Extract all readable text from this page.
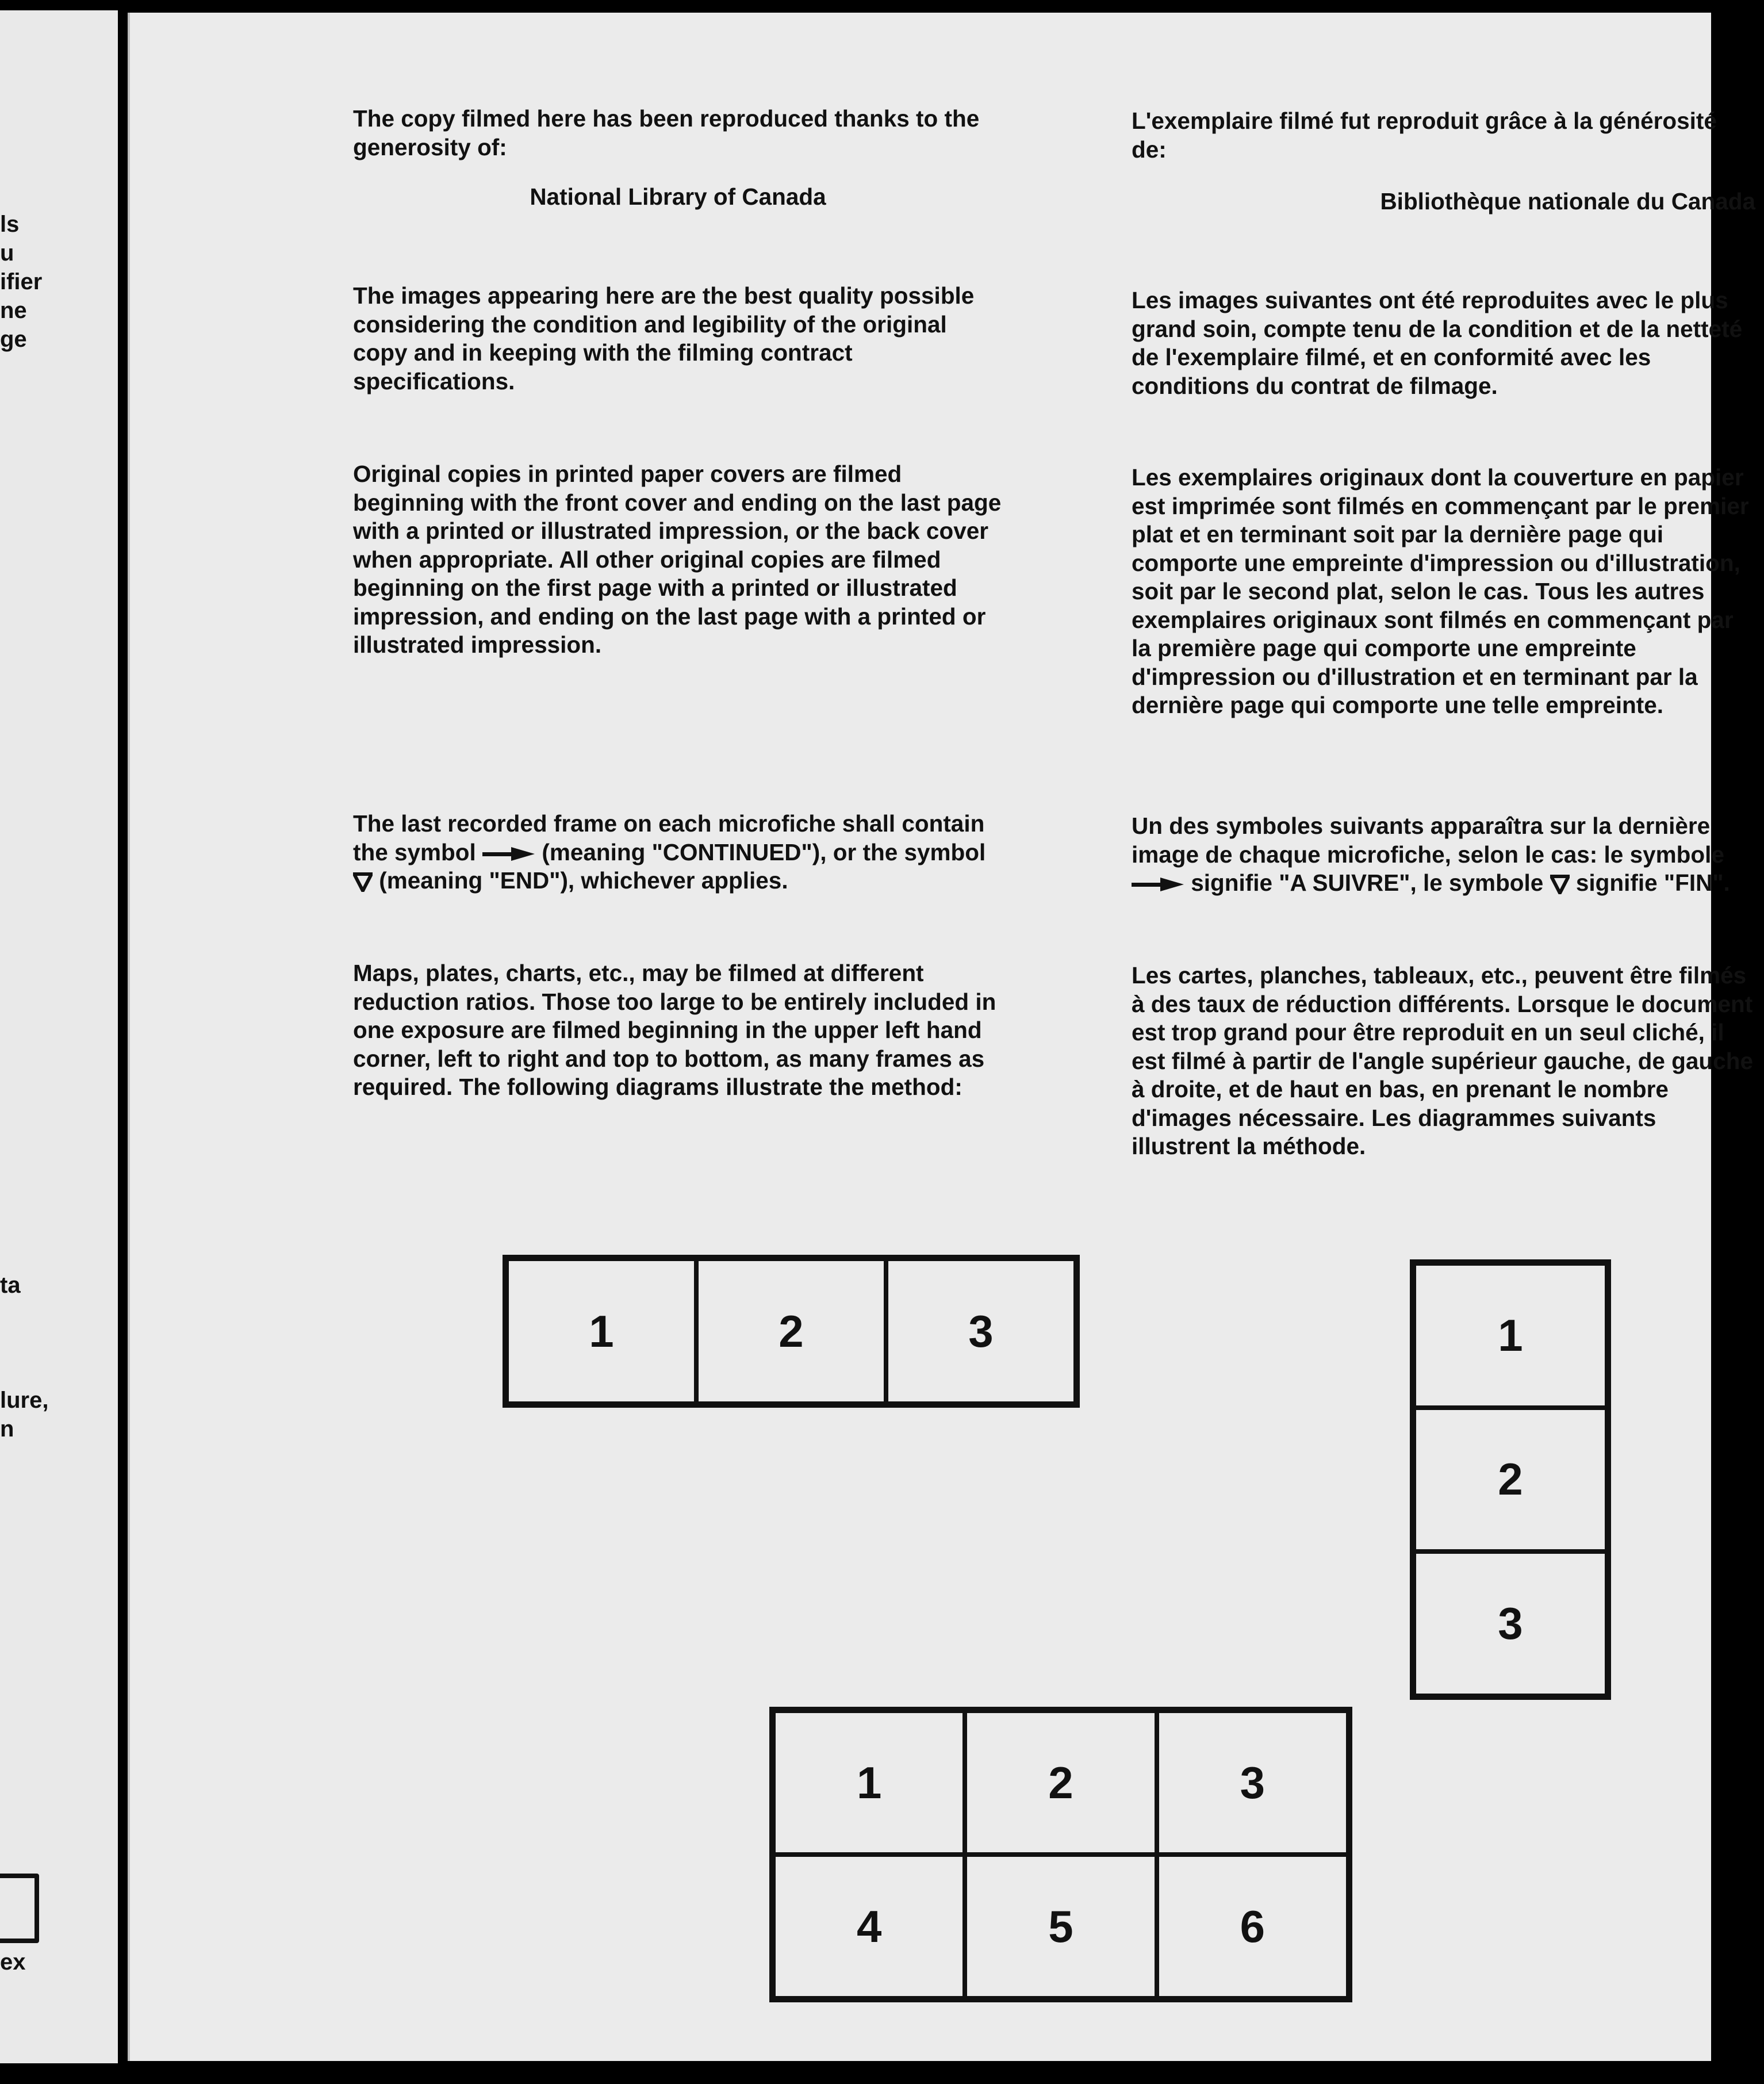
ls
u
ifier
ne
ge
ta
lure,
n
ex

The copy filmed here has been reproduced thanks to the generosity of:

National Library of Canada

The images appearing here are the best quality possible considering the condition and legibility of the original copy and in keeping with the filming contract specifications.

Original copies in printed paper covers are filmed beginning with the front cover and ending on the last page with a printed or illustrated impression, or the back cover when appropriate. All other original copies are filmed beginning on the first page with a printed or illustrated impression, and ending on the last page with a printed or illustrated impression.

The last recorded frame on each microfiche shall contain the symbol	(meaning "CONTINUED"), or the symbol  (meaning "END"), whichever applies.

Maps, plates, charts, etc., may be filmed at different reduction ratios. Those too large to be entirely included in one exposure are filmed beginning in the upper left hand corner, left to right and top to bottom, as many frames as required. The following diagrams illustrate the method:

L'exemplaire filmé fut reproduit grâce à la générosité de:

Bibliothèque nationale du Canada

Les images suivantes ont été reproduites avec le plus grand soin, compte tenu de la condition et de la netteté de l'exemplaire filmé, et en conformité avec les conditions du contrat de filmage.

Les exemplaires originaux dont la couverture en papier est imprimée sont filmés en commençant par le premier plat et en terminant soit par la dernière page qui comporte une empreinte d'impression ou d'illustration, soit par le second plat, selon le cas. Tous les autres exemplaires originaux sont filmés en commençant par la première page qui comporte une empreinte d'impression ou d'illustration et en terminant par la dernière page qui comporte une telle empreinte.

Un des symboles suivants apparaîtra sur la dernière image de chaque microfiche, selon le cas: le symbole  signifie "A SUIVRE", le symbole signifie "FIN".

Les cartes, planches, tableaux, etc., peuvent être filmés à des taux de réduction différents. Lorsque le document est trop grand pour être reproduit en un seul cliché, il est filmé à partir de l'angle supérieur gauche, de gauche à droite, et de haut en bas, en prenant le nombre d'images nécessaire. Les diagrammes suivants illustrent la méthode.

1	2	3	1
2
3
1	2	3
4	5	6
